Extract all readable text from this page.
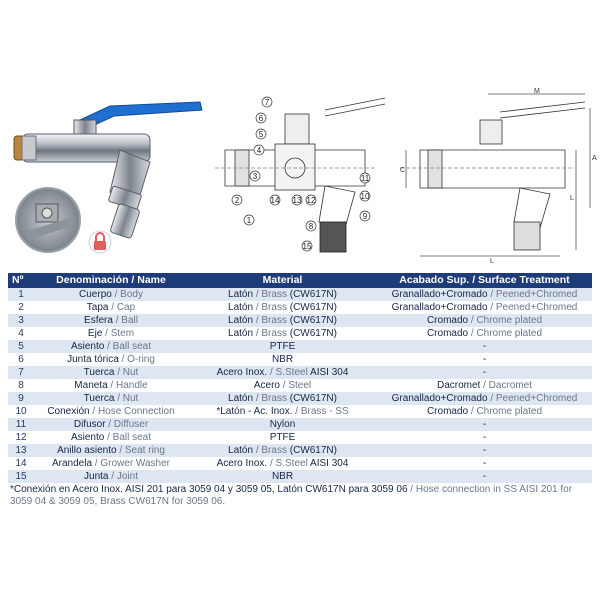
7
6
5
4
3
2
1
14 13 12
11
10
9
8
15
M
A
L
L
C
Nº	Denominación / Name	Material	Acabado Sup. / Surface Treatment
1	Cuerpo / Body	Latón / Brass (CW617N)	Granallado+Cromado / Peened+Chromed
2	Tapa / Cap	Latón / Brass (CW617N)	Granallado+Cromado / Peened+Chromed
3	Esfera / Ball	Latón / Brass (CW617N)	Cromado / Chrome plated
4	Eje / Stem	Latón / Brass (CW617N)	Cromado / Chrome plated
5	Asiento / Ball seat	PTFE	-
6	Junta tórica / O-ring	NBR	-
7	Tuerca / Nut	Acero Inox. / S.Steel AISI 304	-
8	Maneta / Handle	Acero / Steel	Dacromet / Dacromet
9	Tuerca / Nut	Latón / Brass (CW617N)	Granallado+Cromado / Peened+Chromed
10	Conexión / Hose Connection	*Latón - Ac. Inox. / Brass - SS	Cromado / Chrome plated
11	Difusor / Diffuser	Nylon	-
12	Asiento / Ball seat	PTFE	-
13	Anillo asiento / Seat ring	Latón / Brass (CW617N)	-
14	Arandela / Grower Washer	Acero Inox. / S.Steel AISI 304	-
15	Junta / Joint	NBR	-
*Conexión en Acero Inox. AISI 201 para 3059 04 y 3059 05, Latón CW617N para 3059 06 / Hose connection in SS AISI 201 for 3059 04 & 3059 05, Brass CW617N for 3059 06.
